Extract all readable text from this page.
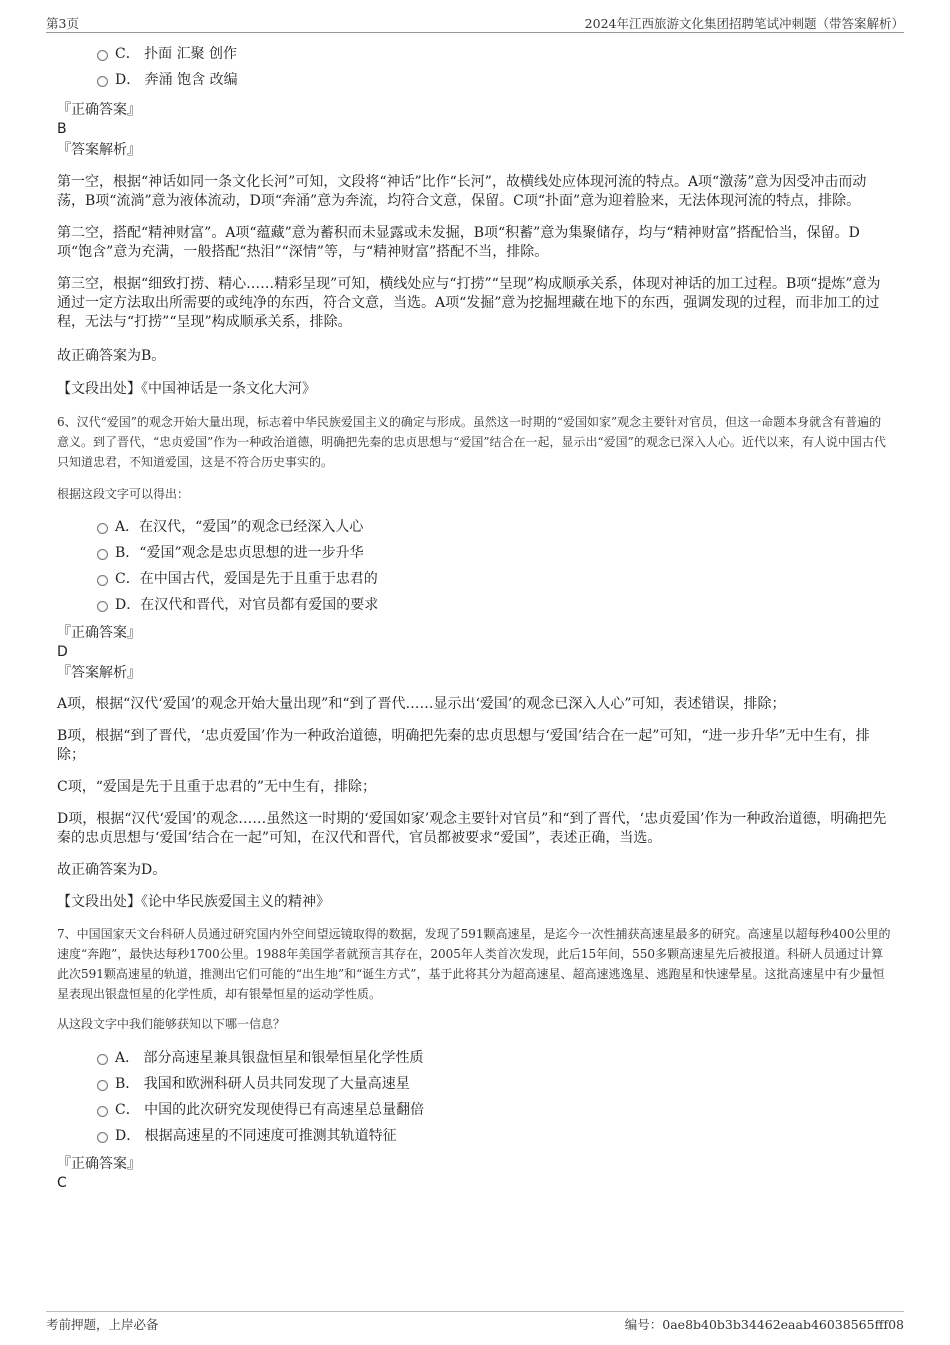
第3页	2024年江西旅游文化集团招聘笔试冲刺题（带答案解析）
C． 扑面 汇聚 创作
D． 奔涌 饱含 改编
『正确答案』
B
『答案解析』

第一空，根据“神话如同一条文化长河”可知，文段将“神话”比作“长河”，故横线处应体现河流的特点。A项“激荡”意为因受冲击而动荡，B项“流淌”意为液体流动，D项“奔涌”意为奔流，均符合文意，保留。C项“扑面”意为迎着脸来，无法体现河流的特点，排除。

第二空，搭配“精神财富”。A项“蕴藏”意为蓄积而未显露或未发掘，B项“积蓄”意为集聚储存，均与“精神财富”搭配恰当，保留。D项“饱含”意为充满，一般搭配“热泪”“深情”等，与“精神财富”搭配不当，排除。

第三空，根据“细致打捞、精心……精彩呈现”可知，横线处应与“打捞”“呈现”构成顺承关系，体现对神话的加工过程。B项“提炼”意为通过一定方法取出所需要的或纯净的东西，符合文意，当选。A项“发掘”意为挖掘埋藏在地下的东西，强调发现的过程，而非加工的过程，无法与“打捞”“呈现”构成顺承关系，排除。

故正确答案为B。

【文段出处】《中国神话是一条文化大河》

6、汉代“爱国”的观念开始大量出现，标志着中华民族爱国主义的确定与形成。虽然这一时期的“爱国如家”观念主要针对官员，但这一命题本身就含有普遍的意义。到了晋代，“忠贞爱国”作为一种政治道德，明确把先秦的忠贞思想与“爱国”结合在一起，显示出“爱国”的观念已深入人心。近代以来，有人说中国古代只知道忠君，不知道爱国，这是不符合历史事实的。

根据这段文字可以得出：

A．在汉代，“爱国”的观念已经深入人心
B．“爱国”观念是忠贞思想的进一步升华
C．在中国古代，爱国是先于且重于忠君的
D．在汉代和晋代，对官员都有爱国的要求
『正确答案』
D
『答案解析』

A项，根据“汉代‘爱国’的观念开始大量出现”和“到了晋代……显示出‘爱国’的观念已深入人心”可知，表述错误，排除；

B项，根据“到了晋代，‘忠贞爱国’作为一种政治道德，明确把先秦的忠贞思想与‘爱国’结合在一起”可知，“进一步升华”无中生有，排除；

C项，“爱国是先于且重于忠君的”无中生有，排除；

D项，根据“汉代‘爱国’的观念……虽然这一时期的‘爱国如家’观念主要针对官员”和“到了晋代，‘忠贞爱国’作为一种政治道德，明确把先秦的忠贞思想与‘爱国’结合在一起”可知，在汉代和晋代，官员都被要求“爱国”，表述正确，当选。

故正确答案为D。

【文段出处】《论中华民族爱国主义的精神》

7、中国国家天文台科研人员通过研究国内外空间望远镜取得的数据，发现了591颗高速星，是迄今一次性捕获高速星最多的研究。高速星以超每秒400公里的速度“奔跑”，最快达每秒1700公里。1988年美国学者就预言其存在，2005年人类首次发现，此后15年间，550多颗高速星先后被报道。科研人员通过计算此次591颗高速星的轨道，推测出它们可能的“出生地”和“诞生方式”，基于此将其分为超高速星、超高速逃逸星、逃跑星和快速晕星。这批高速星中有少量恒星表现出银盘恒星的化学性质，却有银晕恒星的运动学性质。

从这段文字中我们能够获知以下哪一信息？

A． 部分高速星兼具银盘恒星和银晕恒星化学性质
B． 我国和欧洲科研人员共同发现了大量高速星
C． 中国的此次研究发现使得已有高速星总量翻倍
D． 根据高速星的不同速度可推测其轨道特征
『正确答案』
C
考前押题，上岸必备	编号：0ae8b40b3b34462eaab46038565fff08
